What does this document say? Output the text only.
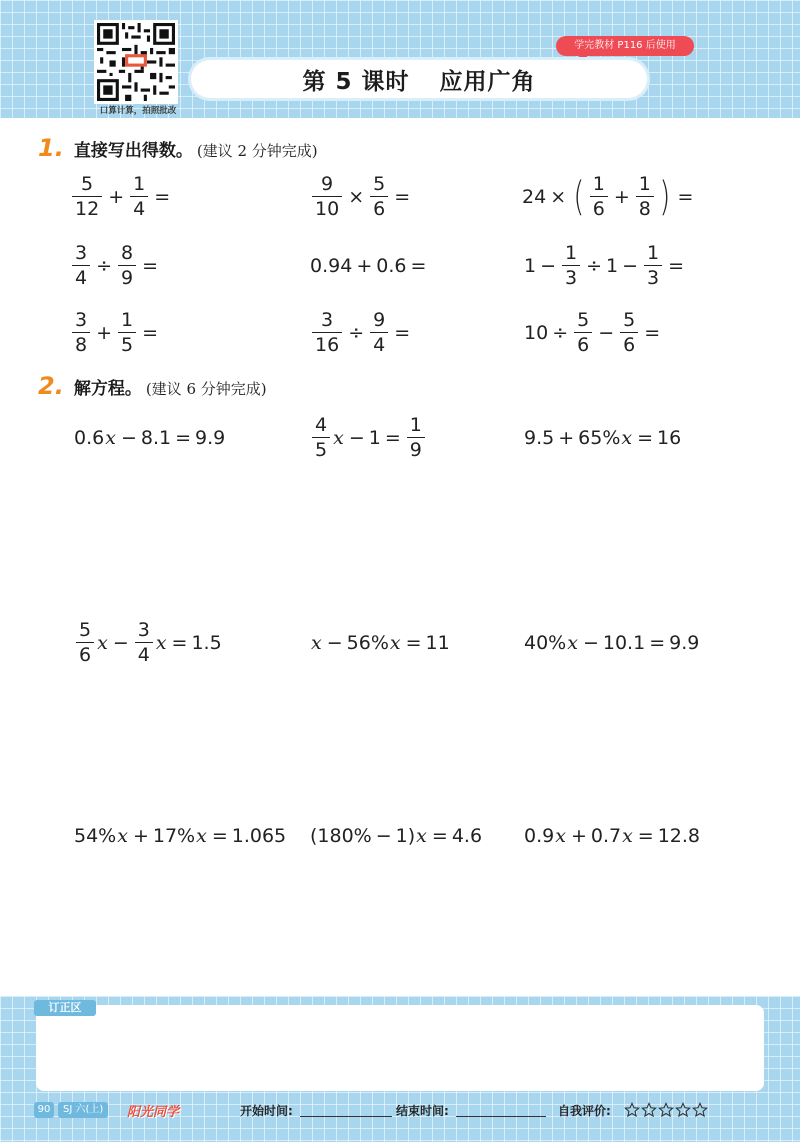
口算计算，拍照批改
学完教材 P116 后使用
第 5 课时 应用广角
1. 直接写出得数。 (建议 2 分钟完成)
$\frac{5}{12} + \frac{1}{4}$ =	$\frac{9}{10} \times \frac{5}{6}$ =	24 × ( $\frac{1}{6} + \frac{1}{8}$ ) =
$\frac{3}{4} \div \frac{8}{9}$ =	0.94 + 0.6 =	$1 - \frac{1}{3} \div 1 - \frac{1}{3}$ =
$\frac{3}{8} + \frac{1}{5}$ =	$\frac{3}{16} \div \frac{9}{4}$ =	$10 \div \frac{5}{6} - \frac{5}{6}$ =
2. 解方程。 (建议 6 分钟完成)
0.6 x − 8.1 = 9.9	$\frac{4}{5}$ $x - 1 = \frac{1}{9}$	9.5 + 65% x = 16
$\frac{5}{6}$ $x - \frac{3}{4}$ x = 1.5	x − 56% x = 11	40% x − 10.1 = 9.9
54% x + 17% x = 1.065 (180% − 1) x = 4.6 0.9 x + 0.7 x = 12.8
订正区
90	SJ 六(上)	阳光同学	开始时间:	结束时间:	自我评价:
